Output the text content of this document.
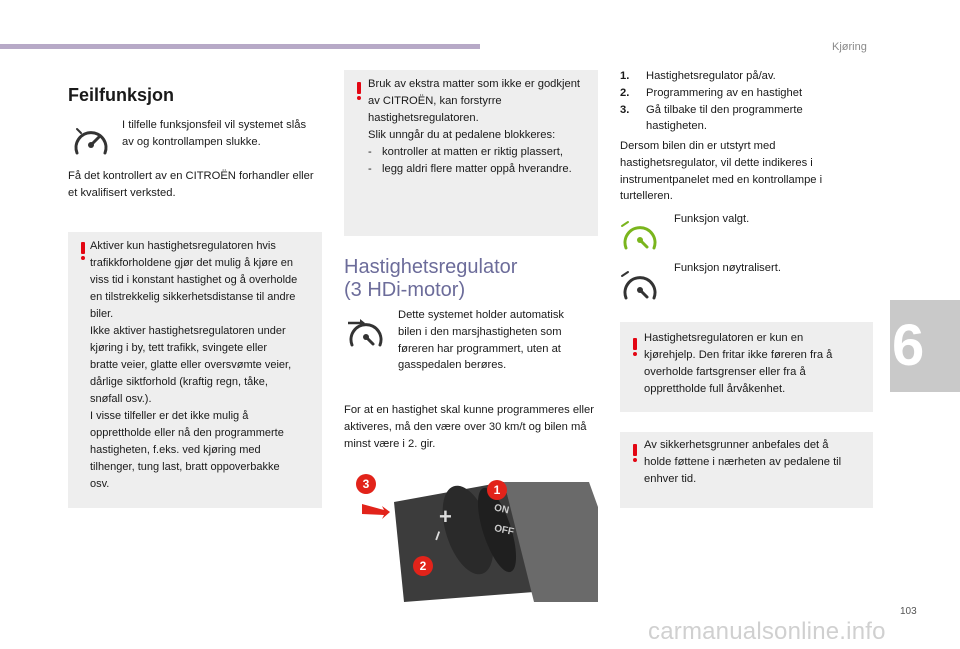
Kjøring
6
Feilfunksjon
I tilfelle funksjonsfeil vil systemet slås av og kontrollampen slukke.
Få det kontrollert av en CITROËN forhandler eller et kvalifisert verksted.
Aktiver kun hastighetsregulatoren hvis
trafikkforholdene gjør det mulig å kjøre en
viss tid i konstant hastighet og å overholde
en tilstrekkelig sikkerhetsdistanse til andre
biler.
Ikke aktiver hastighetsregulatoren under
kjøring i by, tett trafikk, svingete eller
bratte veier, glatte eller oversvømte veier,
dårlige siktforhold (kraftig regn, tåke,
snøfall osv.).
I visse tilfeller er det ikke mulig å
opprettholde eller nå den programmerte
hastigheten, f.eks. ved kjøring med
tilhenger, tung last, bratt oppoverbakke
osv.
Bruk av ekstra matter som ikke er godkjent av CITROËN, kan forstyrre hastighetsregulatoren.
Slik unngår du at pedalene blokkeres:
- kontroller at matten er riktig plassert,
- legg aldri flere matter oppå hverandre.
Hastighetsregulator
(3 HDi-motor)
Dette systemet holder automatisk bilen i den marsjhastigheten som føreren har programmert, uten at gasspedalen berøres.
For at en hastighet skal kunne programmeres eller aktiveres, må den være over 30 km/t og bilen må minst være i 2. gir.
+
–
ON
OFF
1
2
3
1.	Hastighetsregulator på/av.
2.	Programmering av en hastighet
3.	Gå tilbake til den programmerte hastigheten.
Dersom bilen din er utstyrt med hastighetsregulator, vil dette indikeres i instrumentpanelet med en kontrollampe i turtelleren.
Funksjon valgt.
Funksjon nøytralisert.
Hastighetsregulatoren er kun en kjørehjelp. Den fritar ikke føreren fra å overholde fartsgrenser eller fra å opprettholde full årvåkenhet.
Av sikkerhetsgrunner anbefales det å holde føttene i nærheten av pedalene til enhver tid.
103
carmanualsonline.info
